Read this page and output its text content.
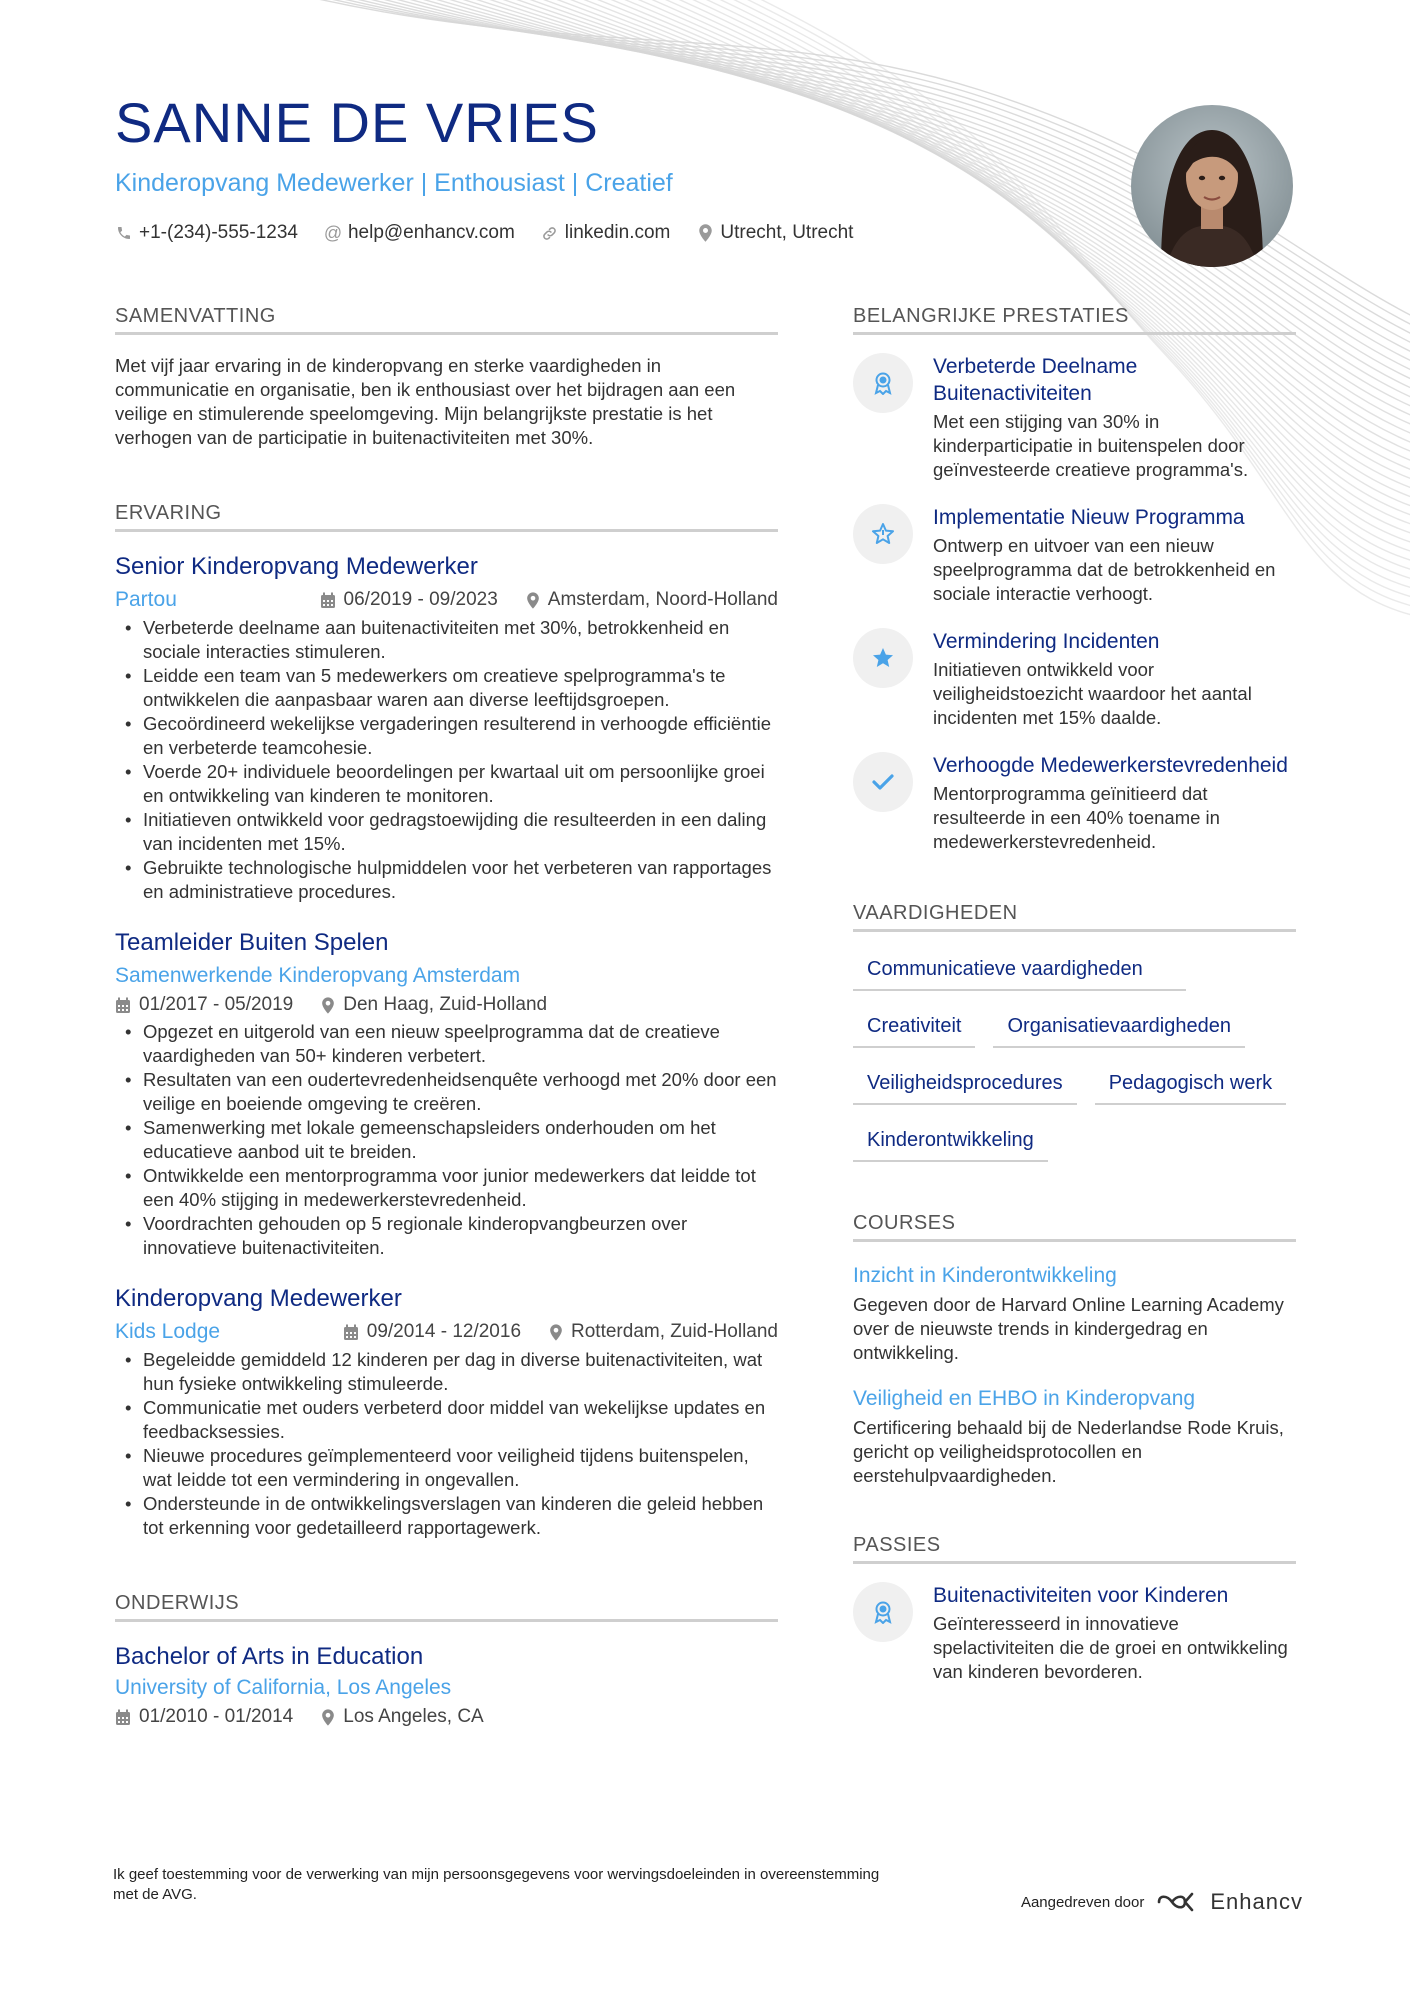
SANNE DE VRIES
Kinderopvang Medewerker | Enthousiast | Creatief
+1-(234)-555-1234 @ help@enhancv.com	linkedin.com	Utrecht, Utrecht
SAMENVATTING

Met vijf jaar ervaring in de kinderopvang en sterke vaardigheden in communicatie en organisatie, ben ik enthousiast over het bijdragen aan een veilige en stimulerende speelomgeving. Mijn belangrijkste prestatie is het verhogen van de participatie in buitenactiviteiten met 30%.

ERVARING
Senior Kinderopvang Medewerker
Partou	06/2019 - 09/2023	Amsterdam, Noord-Holland
• Verbeterde deelname aan buitenactiviteiten met 30%, betrokkenheid en sociale interacties stimuleren.
• Leidde een team van 5 medewerkers om creatieve spelprogramma's te ontwikkelen die aanpasbaar waren aan diverse leeftijdsgroepen.
• Gecoördineerd wekelijkse vergaderingen resulterend in verhoogde efficiëntie en verbeterde teamcohesie.
• Voerde 20+ individuele beoordelingen per kwartaal uit om persoonlijke groei en ontwikkeling van kinderen te monitoren.
• Initiatieven ontwikkeld voor gedragstoewijding die resulteerden in een daling van incidenten met 15%.
• Gebruikte technologische hulpmiddelen voor het verbeteren van rapportages en administratieve procedures.
Teamleider Buiten Spelen
Samenwerkende Kinderopvang Amsterdam
01/2017 - 05/2019	Den Haag, Zuid-Holland
• Opgezet en uitgerold van een nieuw speelprogramma dat de creatieve vaardigheden van 50+ kinderen verbetert.
• Resultaten van een oudertevredenheidsenquête verhoogd met 20% door een veilige en boeiende omgeving te creëren.
• Samenwerking met lokale gemeenschapsleiders onderhouden om het educatieve aanbod uit te breiden.
• Ontwikkelde een mentorprogramma voor junior medewerkers dat leidde tot een 40% stijging in medewerkerstevredenheid.
• Voordrachten gehouden op 5 regionale kinderopvangbeurzen over innovatieve buitenactiviteiten.
Kinderopvang Medewerker
Kids Lodge	09/2014 - 12/2016	Rotterdam, Zuid-Holland
• Begeleidde gemiddeld 12 kinderen per dag in diverse buitenactiviteiten, wat hun fysieke ontwikkeling stimuleerde.
• Communicatie met ouders verbeterd door middel van wekelijkse updates en feedbacksessies.
• Nieuwe procedures geïmplementeerd voor veiligheid tijdens buitenspelen, wat leidde tot een vermindering in ongevallen.
• Ondersteunde in de ontwikkelingsverslagen van kinderen die geleid hebben tot erkenning voor gedetailleerd rapportagewerk.
ONDERWIJS
Bachelor of Arts in Education
University of California, Los Angeles
01/2010 - 01/2014	Los Angeles, CA
BELANGRIJKE PRESTATIES
Verbeterde Deelname Buitenactiviteiten
Met een stijging van 30% in kinderparticipatie in buitenspelen door geïnvesteerde creatieve programma's.
Implementatie Nieuw Programma
Ontwerp en uitvoer van een nieuw speelprogramma dat de betrokkenheid en sociale interactie verhoogt.
Vermindering Incidenten
Initiatieven ontwikkeld voor veiligheidstoezicht waardoor het aantal incidenten met 15% daalde.
Verhoogde Medewerkerstevredenheid
Mentorprogramma geïnitieerd dat resulteerde in een 40% toename in medewerkerstevredenheid.
VAARDIGHEDEN
Communicatieve vaardigheden
Creativiteit	Organisatievaardigheden
Veiligheidsprocedures	Pedagogisch werk
Kinderontwikkeling
COURSES
Inzicht in Kinderontwikkeling
Gegeven door de Harvard Online Learning Academy over de nieuwste trends in kindergedrag en ontwikkeling.
Veiligheid en EHBO in Kinderopvang
Certificering behaald bij de Nederlandse Rode Kruis, gericht op veiligheidsprotocollen en eerstehulpvaardigheden.
PASSIES
Buitenactiviteiten voor Kinderen
Geïnteresseerd in innovatieve spelactiviteiten die de groei en ontwikkeling van kinderen bevorderen.
Ik geef toestemming voor de verwerking van mijn persoonsgegevens voor wervingsdoeleinden in overeenstemming met de AVG.	Aangedreven door	Enhancv
